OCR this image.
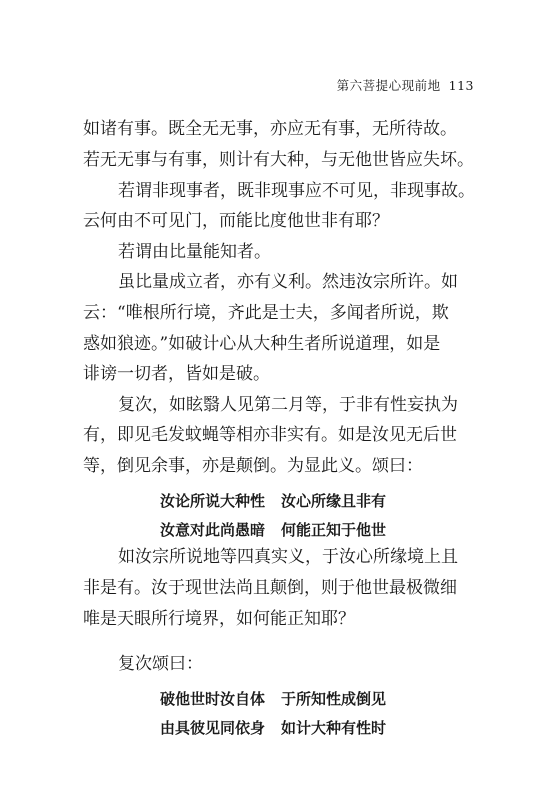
第六菩提心现前地 113
如诸有事。既全无无事，亦应无有事，无所待故。
若无无事与有事，则计有大种，与无他世皆应失坏。
若谓非现事者，既非现事应不可见，非现事故。
云何由不可见门，而能比度他世非有耶？
若谓由比量能知者。
虽比量成立者，亦有义利。然违汝宗所许。如
云：“唯根所行境，齐此是士夫，多闻者所说，欺
惑如狼迹。”如破计心从大种生者所说道理，如是
诽谤一切者，皆如是破。
复次，如眩翳人见第二月等，于非有性妄执为
有，即见毛发蚊蝇等相亦非实有。如是汝见无后世
等，倒见余事，亦是颠倒。为显此义。颂曰：
汝论所说大种性 汝心所缘且非有
汝意对此尚愚暗 何能正知于他世
如汝宗所说地等四真实义，于汝心所缘境上且
非是有。汝于现世法尚且颠倒，则于他世最极微细
唯是天眼所行境界，如何能正知耶？
复次颂曰：
破他世时汝自体 于所知性成倒见
由具彼见同依身 如计大种有性时
